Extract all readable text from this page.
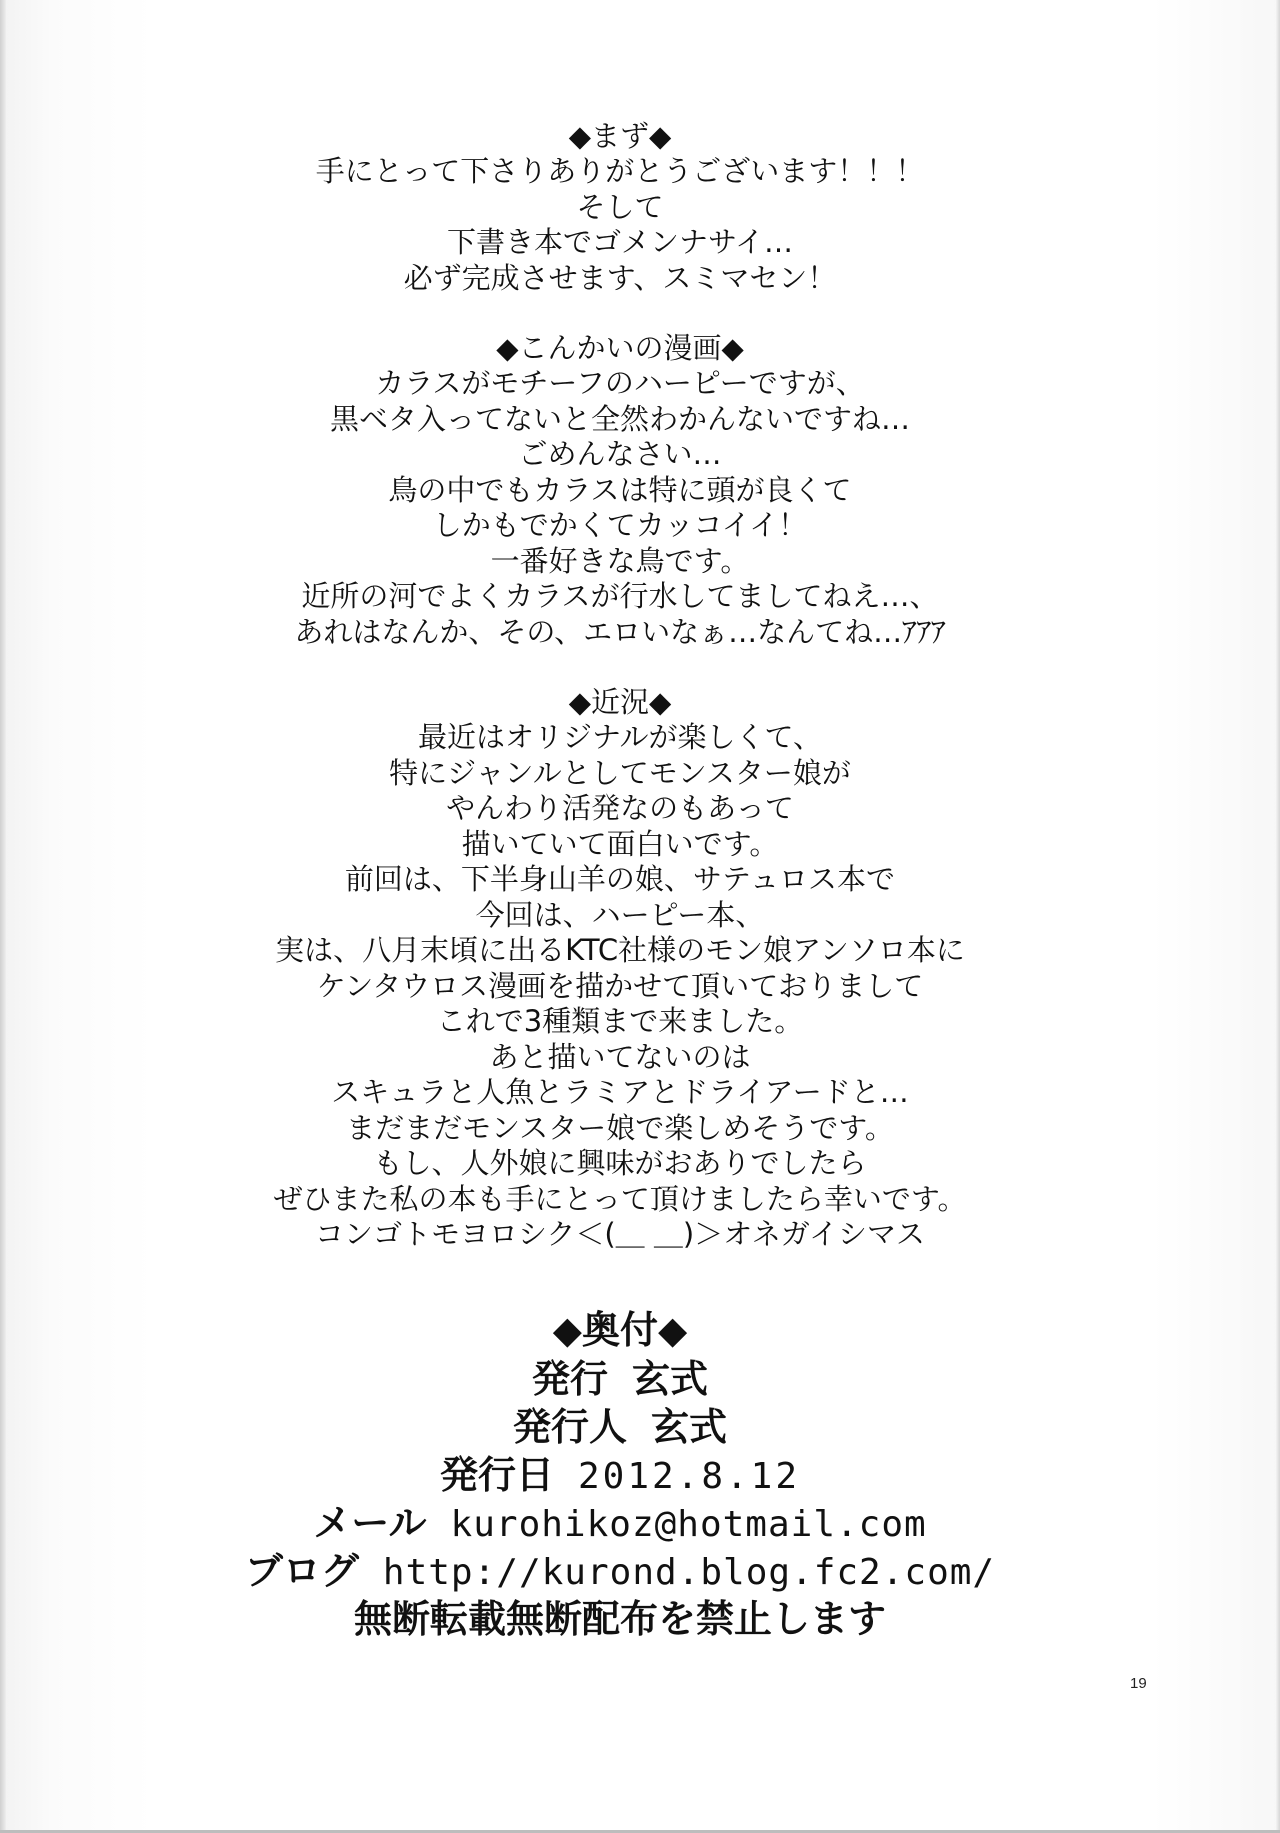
◆まず◆
手にとって下さりありがとうございます！！！
そして
下書き本でゴメンナサイ…
必ず完成させます、スミマセン！
◆こんかいの漫画◆
カラスがモチーフのハーピーですが、
黒ベタ入ってないと全然わかんないですね…
ごめんなさい…
鳥の中でもカラスは特に頭が良くて
しかもでかくてカッコイイ！
一番好きな鳥です。
近所の河でよくカラスが行水してましてねえ…、
あれはなんか、その、エロいなぁ…なんてね…ｱｱｱ
◆近況◆
最近はオリジナルが楽しくて、
特にジャンルとしてモンスター娘が
やんわり活発なのもあって
描いていて面白いです。
前回は、下半身山羊の娘、サテュロス本で
今回は、ハーピー本、
実は、八月末頃に出るKTC社様のモン娘アンソロ本に
ケンタウロス漫画を描かせて頂いておりまして
これで3種類まで来ました。
あと描いてないのは
スキュラと人魚とラミアとドライアードと…
まだまだモンスター娘で楽しめそうです。
もし、人外娘に興味がおありでしたら
ぜひまた私の本も手にとって頂けましたら幸いです。
コンゴトモヨロシク＜(＿ ＿)＞オネガイシマス
◆奥付◆
発行 玄式
発行人 玄式
発行日 2012.8.12
メール kurohikoz@hotmail.com
ブログ http://kurond.blog.fc2.com/
無断転載無断配布を禁止します
19
